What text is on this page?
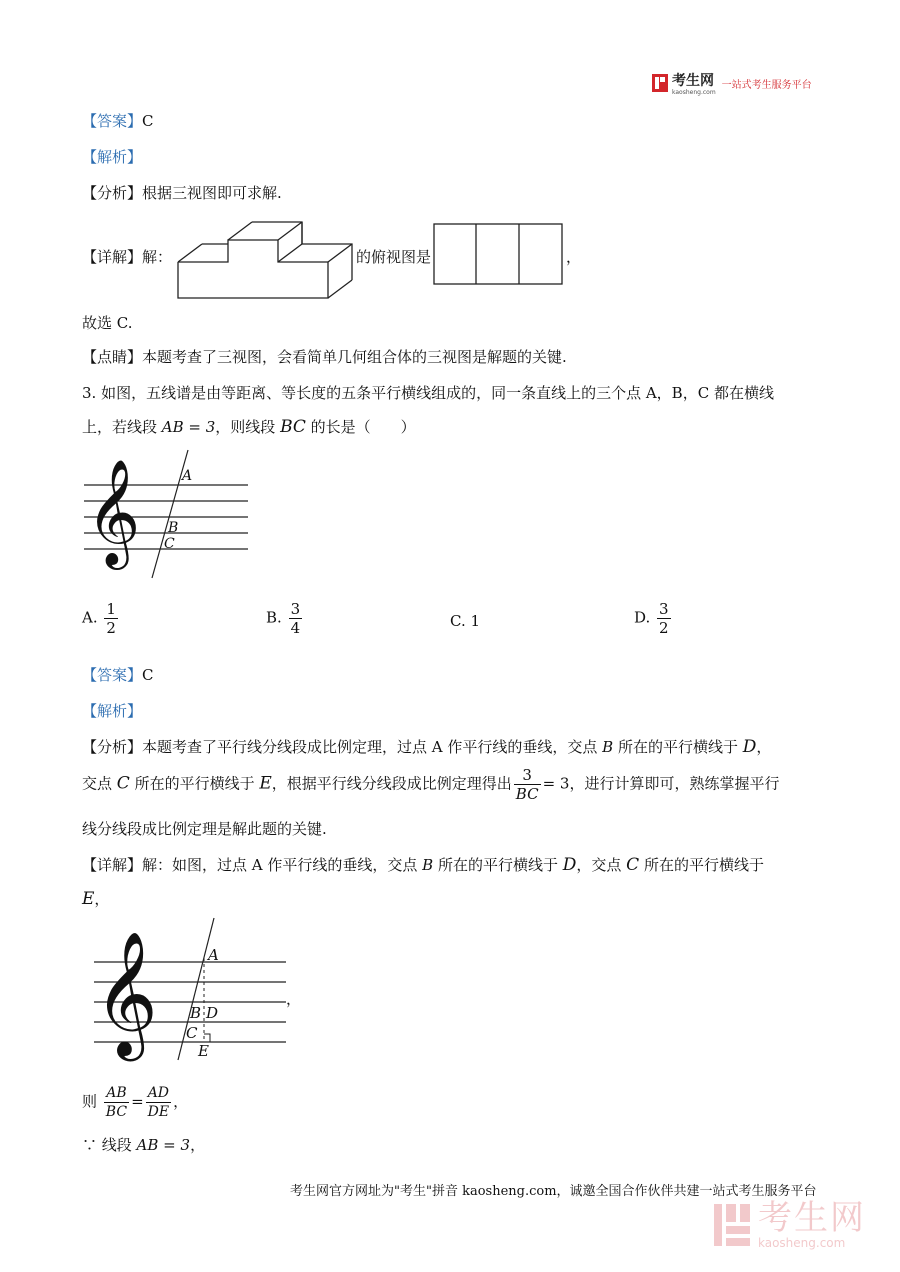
考生网
kaosheng.com
一站式考生服务平台
【答案】C
【解析】
【分析】根据三视图即可求解.
【详解】解：	的俯视图是	，
故选 C.
【点睛】本题考查了三视图，会看简单几何组合体的三视图是解题的关键.
3. 如图，五线谱是由等距离、等长度的五条平行横线组成的，同一条直线上的三个点 A，B，C 都在横线
上，若线段 AB = 3，则线段 BC 的长是（　　）
𝄞	A
B
C
A. $\frac{1}{2}$	B. $\frac{3}{4}$	C. 1	D. $\frac{3}{2}$
【答案】C
【解析】
【分析】本题考查了平行线分线段成比例定理，过点 A 作平行线的垂线，交点 B 所在的平行横线于 D，
交点 C 所在的平行横线于 E，根据平行线分线段成比例定理得出 $\frac{3}{BC} = 3$，进行计算即可，熟练掌握平行
线分线段成比例定理是解此题的关键.
【详解】解：如图，过点 A 作平行线的垂线，交点 B 所在的平行横线于 D，交点 C 所在的平行横线于
E，
𝄞	A
B D
C
E
，
则 $\frac{AB}{BC} = \frac{AD}{DE}$ ，
∵ 线段 AB = 3，
考生网官方网址为"考生"拼音 kaosheng.com，诚邀全国合作伙伴共建一站式考生服务平台
考生网
kaosheng.com
